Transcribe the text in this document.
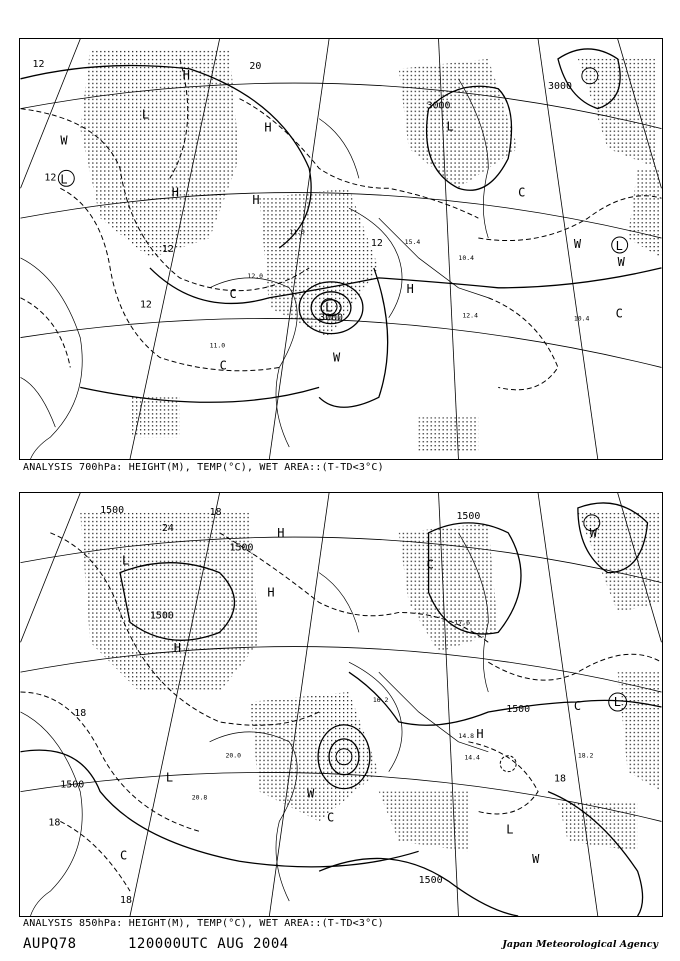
3000
3000
3000
12
12
12
12
20
12
H
H
H
H
H
L
L
L
L
L
W
W
W
W
C
C
C
C
11.0
15.4
12.4	10.4
11.0
10.4
12.0
ANALYSIS 700hPa: HEIGHT(M), TEMP(°C), WET AREA::(T-TD<3°C)
1500
1500
1500
1500
1500
1500
1500
18
24
18
18
18
18
H
H
H
H
L
L
L
L
W
W
W
C
C
C
C
17.6
14.8
20.0
16.2
14.4	18.2
20.8
ANALYSIS 850hPa: HEIGHT(M), TEMP(°C), WET AREA::(T-TD<3°C)
AUPQ78	120000UTC AUG 2004	Japan Meteorological Agency
